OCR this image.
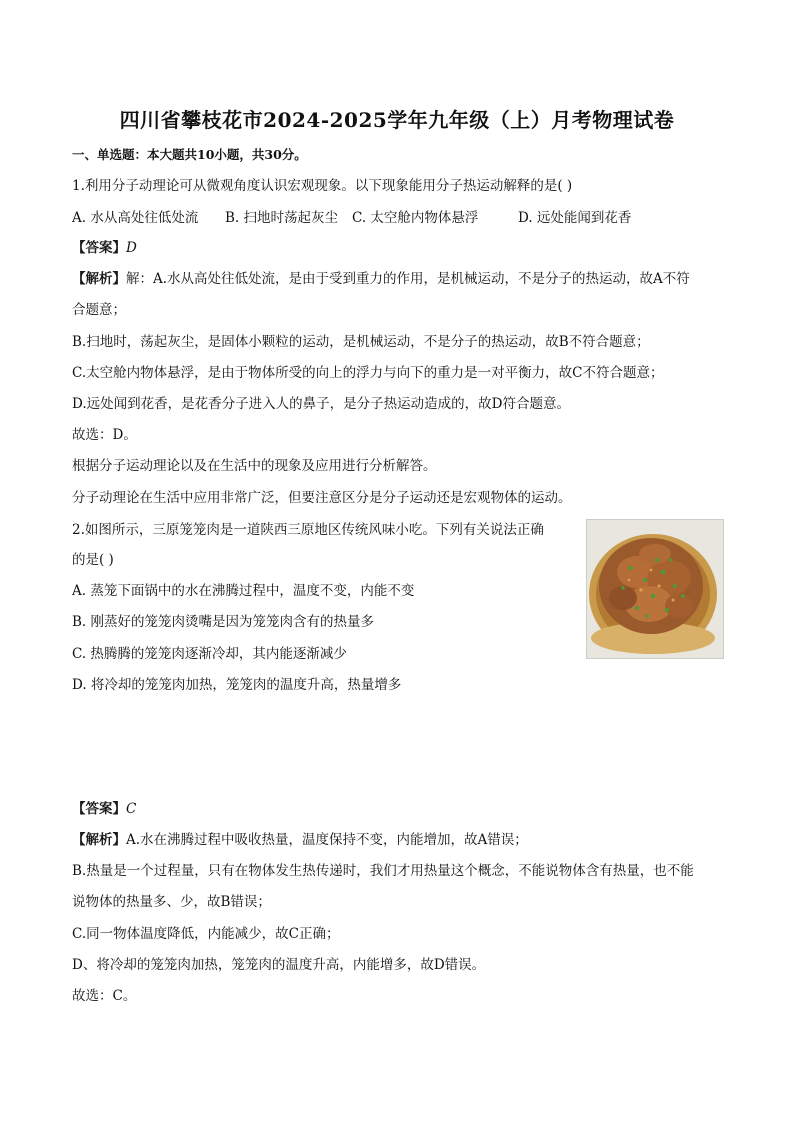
四川省攀枝花市2024-2025学年九年级（上）月考物理试卷
一、单选题：本大题共10小题，共30分。
1.利用分子动理论可从微观角度认识宏观现象。以下现象能用分子热运动解释的是( )
A. 水从高处往低处流 B. 扫地时荡起灰尘 C. 太空舱内物体悬浮	D. 远处能闻到花香
【答案】D
【解析】解：A.水从高处往低处流，是由于受到重力的作用，是机械运动，不是分子的热运动，故A不符
合题意；
B.扫地时，荡起灰尘，是固体小颗粒的运动，是机械运动，不是分子的热运动，故B不符合题意；
C.太空舱内物体悬浮，是由于物体所受的向上的浮力与向下的重力是一对平衡力，故C不符合题意；
D.远处闻到花香，是花香分子进入人的鼻子，是分子热运动造成的，故D符合题意。
故选：D。
根据分子运动理论以及在生活中的现象及应用进行分析解答。
分子动理论在生活中应用非常广泛，但要注意区分是分子运动还是宏观物体的运动。
2.如图所示，三原笼笼肉是一道陕西三原地区传统风味小吃。下列有关说法正确
的是( )
A. 蒸笼下面锅中的水在沸腾过程中，温度不变，内能不变
B. 刚蒸好的笼笼肉烫嘴是因为笼笼肉含有的热量多
C. 热腾腾的笼笼肉逐渐冷却，其内能逐渐减少
D. 将冷却的笼笼肉加热，笼笼肉的温度升高，热量增多
【答案】C
【解析】A.水在沸腾过程中吸收热量，温度保持不变，内能增加，故A错误；
B.热量是一个过程量，只有在物体发生热传递时，我们才用热量这个概念，不能说物体含有热量，也不能
说物体的热量多、少，故B错误；
C.同一物体温度降低，内能减少，故C正确；
D、将冷却的笼笼肉加热，笼笼肉的温度升高，内能增多，故D错误。
故选：C。
